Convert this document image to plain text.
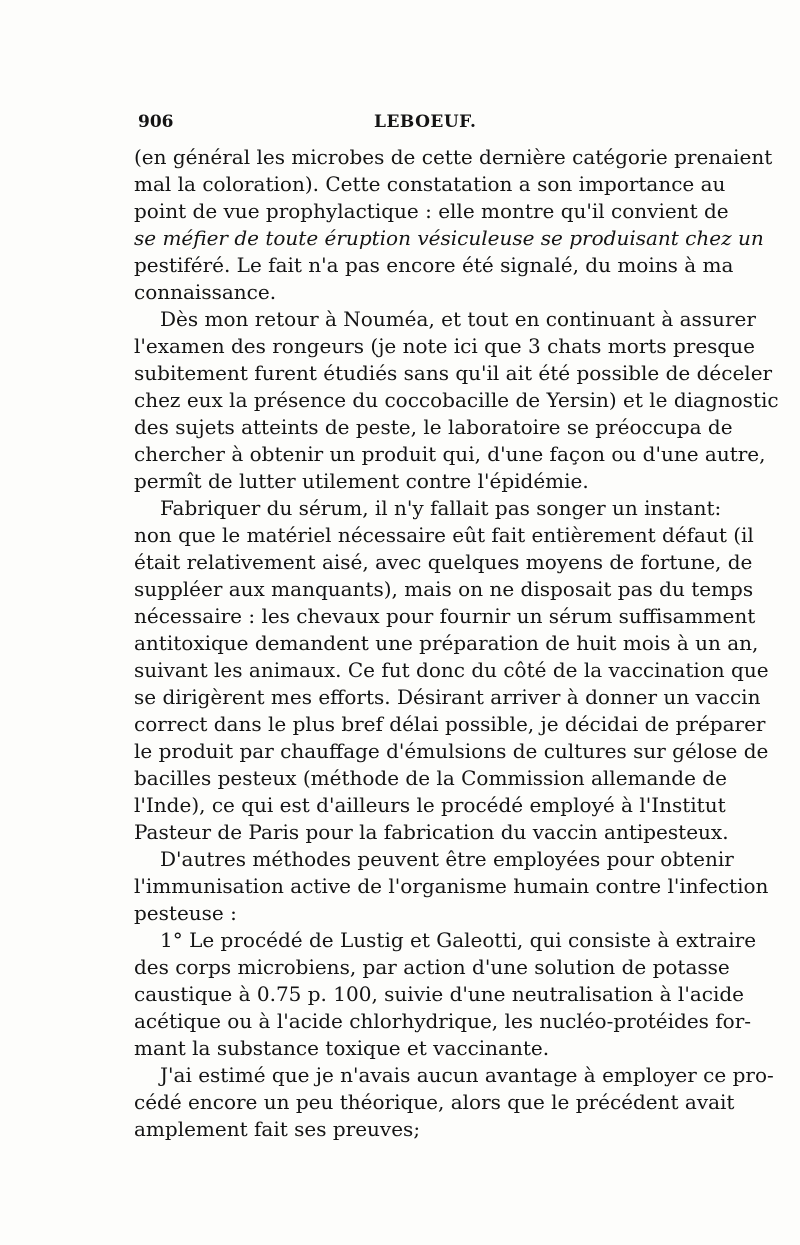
906	LEBOEUF.
(en général les microbes de cette dernière catégorie prenaient
mal la coloration). Cette constatation a son importance au
point de vue prophylactique : elle montre qu'il convient de
se méfier de toute éruption vésiculeuse se produisant chez un
pestiféré. Le fait n'a pas encore été signalé, du moins à ma
connaissance.
Dès mon retour à Nouméa, et tout en continuant à assurer
l'examen des rongeurs (je note ici que 3 chats morts presque
subitement furent étudiés sans qu'il ait été possible de déceler
chez eux la présence du coccobacille de Yersin) et le diagnostic
des sujets atteints de peste, le laboratoire se préoccupa de
chercher à obtenir un produit qui, d'une façon ou d'une autre,
permît de lutter utilement contre l'épidémie.
Fabriquer du sérum, il n'y fallait pas songer un instant:
non que le matériel nécessaire eût fait entièrement défaut (il
était relativement aisé, avec quelques moyens de fortune, de
suppléer aux manquants), mais on ne disposait pas du temps
nécessaire : les chevaux pour fournir un sérum suffisamment
antitoxique demandent une préparation de huit mois à un an,
suivant les animaux. Ce fut donc du côté de la vaccination que
se dirigèrent mes efforts. Désirant arriver à donner un vaccin
correct dans le plus bref délai possible, je décidai de préparer
le produit par chauffage d'émulsions de cultures sur gélose de
bacilles pesteux (méthode de la Commission allemande de
l'Inde), ce qui est d'ailleurs le procédé employé à l'Institut
Pasteur de Paris pour la fabrication du vaccin antipesteux.
D'autres méthodes peuvent être employées pour obtenir
l'immunisation active de l'organisme humain contre l'infection
pesteuse :
1° Le procédé de Lustig et Galeotti, qui consiste à extraire
des corps microbiens, par action d'une solution de potasse
caustique à 0.75 p. 100, suivie d'une neutralisation à l'acide
acétique ou à l'acide chlorhydrique, les nucléo-protéides for-
mant la substance toxique et vaccinante.
J'ai estimé que je n'avais aucun avantage à employer ce pro-
cédé encore un peu théorique, alors que le précédent avait
amplement fait ses preuves;
